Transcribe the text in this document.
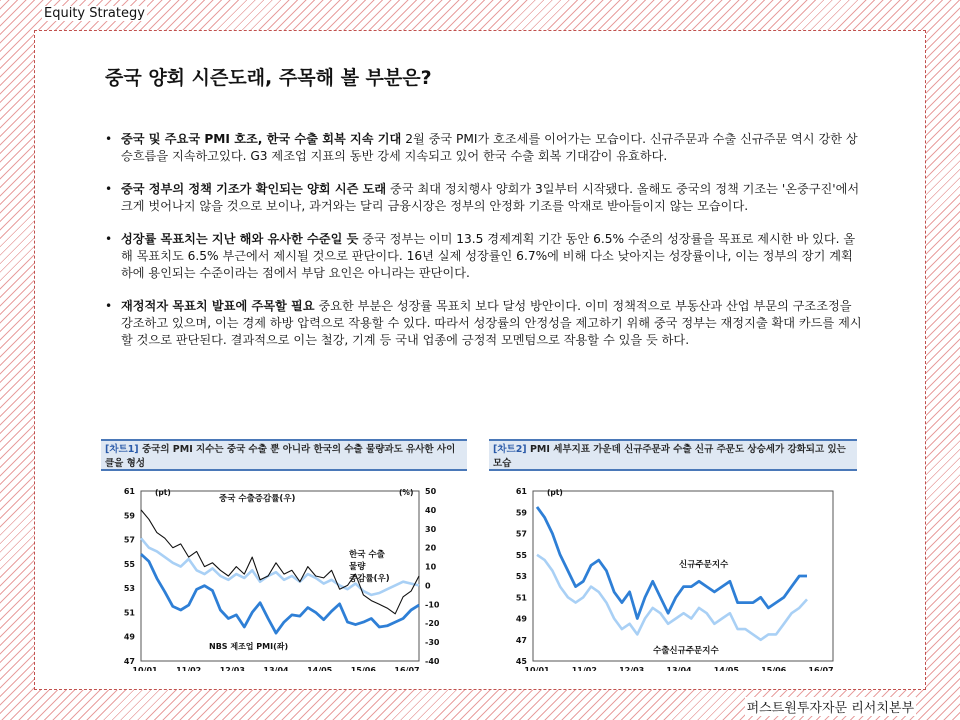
Equity Strategy
중국 양회 시즌도래, 주목해 볼 부분은?
• 중국 및 주요국 PMI 호조, 한국 수출 회복 지속 기대 2월 중국 PMI가 호조세를 이어가는 모습이다. 신규주문과 수출 신규주문 역시 강한 상승흐름을 지속하고있다. G3 제조업 지표의 동반 강세 지속되고 있어 한국 수출 회복 기대감이 유효하다.
• 중국 정부의 정책 기조가 확인되는 양회 시즌 도래 중국 최대 정치행사 양회가 3일부터 시작됐다. 올해도 중국의 정책 기조는 '온중구진'에서 크게 벗어나지 않을 것으로 보이나, 과거와는 달리 금융시장은 정부의 안정화 기조를 악재로 받아들이지 않는 모습이다.
• 성장률 목표치는 지난 해와 유사한 수준일 듯 중국 정부는 이미 13.5 경제계획 기간 동안 6.5% 수준의 성장률을 목표로 제시한 바 있다. 올해 목표치도 6.5% 부근에서 제시될 것으로 판단이다. 16년 실제 성장률인 6.7%에 비해 다소 낮아지는 성장률이나, 이는 정부의 장기 계획 하에 용인되는 수준이라는 점에서 부담 요인은 아니라는 판단이다.
• 재정적자 목표치 발표에 주목할 필요 중요한 부분은 성장률 목표치 보다 달성 방안이다. 이미 정책적으로 부동산과 산업 부문의 구조조정을 강조하고 있으며, 이는 경제 하방 압력으로 작용할 수 있다. 따라서 성장률의 안정성을 제고하기 위해 중국 정부는 재정지출 확대 카드를 제시할 것으로 판단된다. 결과적으로 이는 철강, 기계 등 국내 업종에 긍정적 모멘텀으로 작용할 수 있을 듯 하다.
[차트1] 중국의 PMI 지수는 중국 수출 뿐 아니라 한국의 수출 물량과도 유사한 사이클을 형성
47
49
51
53
55
57
59
61
-40
-30
-20
-10
0
10
20
30
40
50
10/01 11/02 12/03 13/04 14/05 15/06 16/07
(pt)	(%)
중국 수출증감률(우)
한국 수출
물량
증감률(우)
NBS 제조업 PMI(좌)
[차트2] PMI 세부지표 가운데 신규주문과 수출 신규 주문도 상승세가 강화되고 있는 모습
45
47
49
51
53
55
57
59
61
10/01	11/02	12/03	13/04	14/05	15/06	16/07
(pt)
신규주문지수
수출신규주문지수
퍼스트원투자자문 리서치본부
